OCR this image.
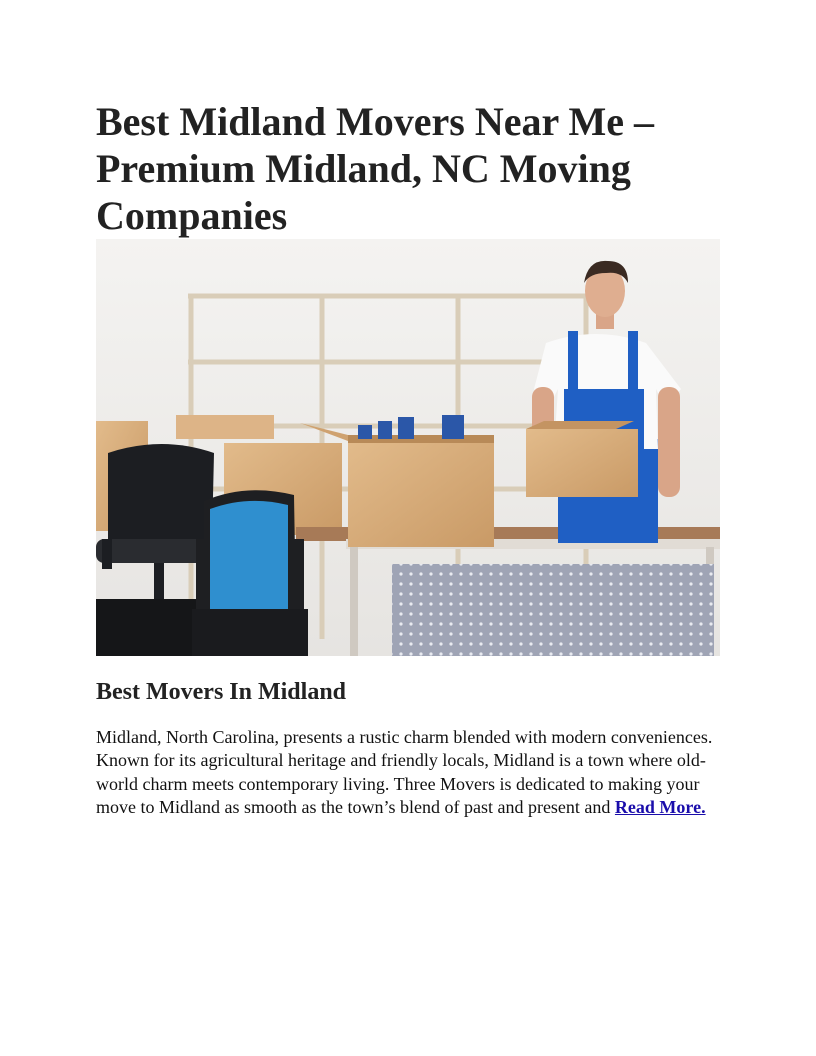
Best Midland Movers Near Me – Premium Midland, NC Moving Companies
Best Movers In Midland

Midland, North Carolina, presents a rustic charm blended with modern conveniences. Known for its agricultural heritage and friendly locals, Midland is a town where old-world charm meets contemporary living. Three Movers is dedicated to making your move to Midland as smooth as the town’s blend of past and present and Read More.
